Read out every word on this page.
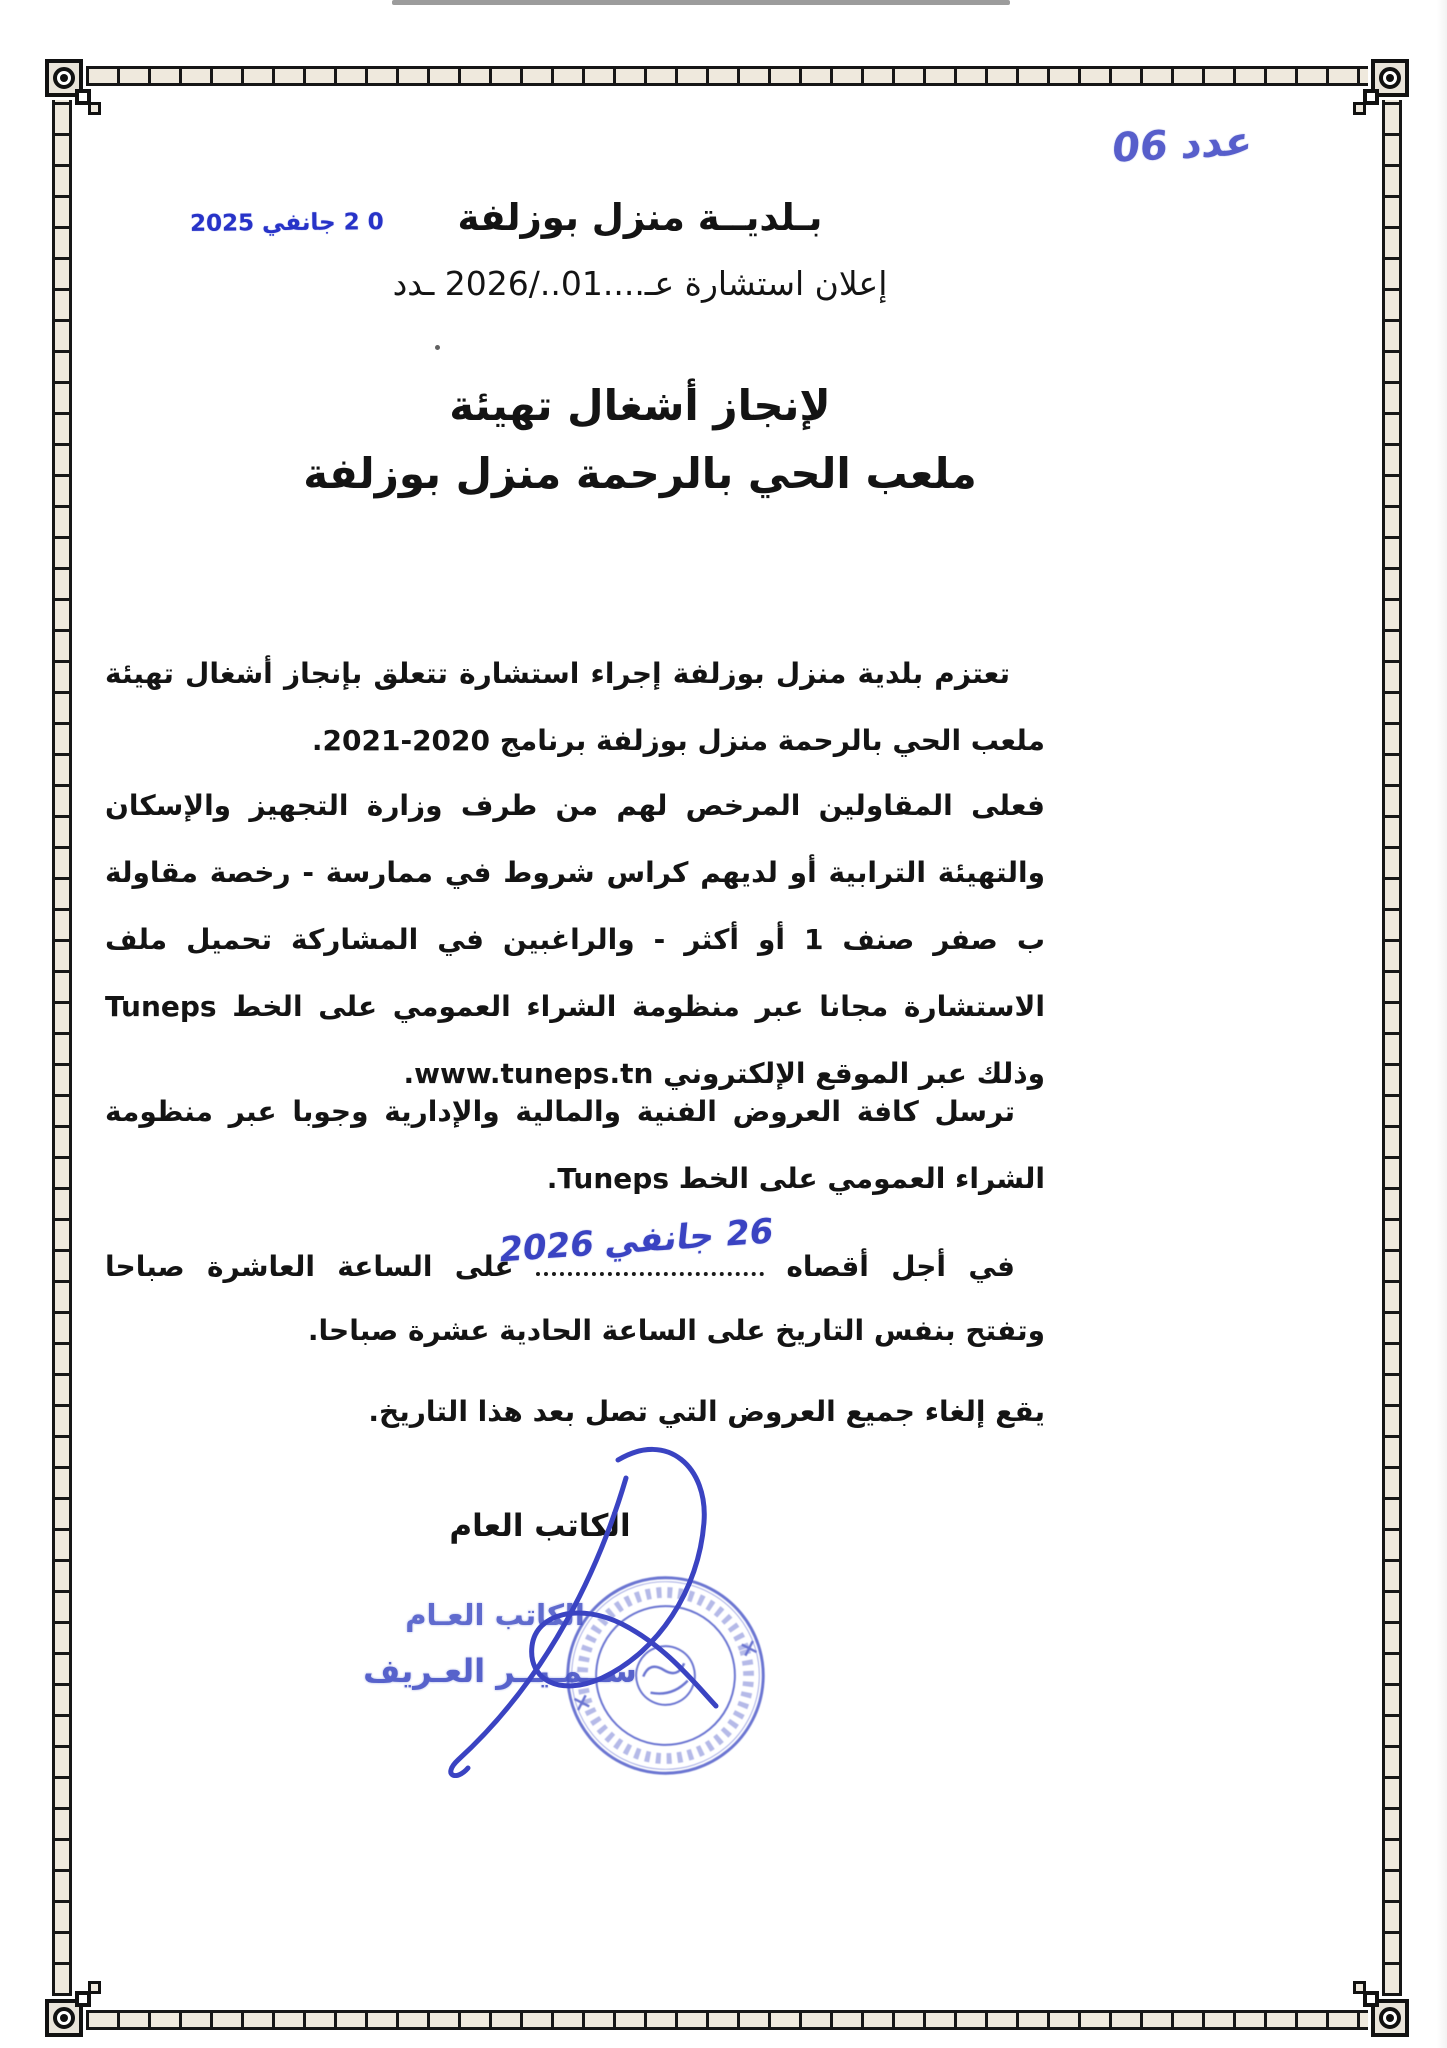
عدد 06
0 2 جانفي 2025	بـلديــة منزل بوزلفة
إعلان استشارة عـ....01../2026 ـدد
لإنجاز أشغال تهيئة
ملعب الحي بالرحمة منزل بوزلفة

تعتزم بلدية منزل بوزلفة إجراء استشارة تتعلق بإنجاز أشغال تهيئة ملعب الحي بالرحمة منزل بوزلفة برنامج 2020-2021.

فعلى المقاولين المرخص لهم من طرف وزارة التجهيز والإسكان والتهيئة الترابية أو لديهم كراس شروط في ممارسة - رخصة مقاولة ب صفر صنف 1 أو أكثر - والراغبين في المشاركة تحميل ملف الاستشارة مجانا عبر منظومة الشراء العمومي على الخط Tuneps وذلك عبر الموقع الإلكتروني www.tuneps.tn.

ترسل كافة العروض الفنية والمالية والإدارية وجوبا عبر منظومة الشراء العمومي على الخط Tuneps.

في أجل أقصاه
26 جانفي 2026
على الساعة العاشرة صباحا وتفتح بنفس التاريخ على الساعة الحادية عشرة صباحا.

يقع إلغاء جميع العروض التي تصل بعد هذا التاريخ.

الكاتب العام
الكاتب العـام
ســمـيــر العـريف
